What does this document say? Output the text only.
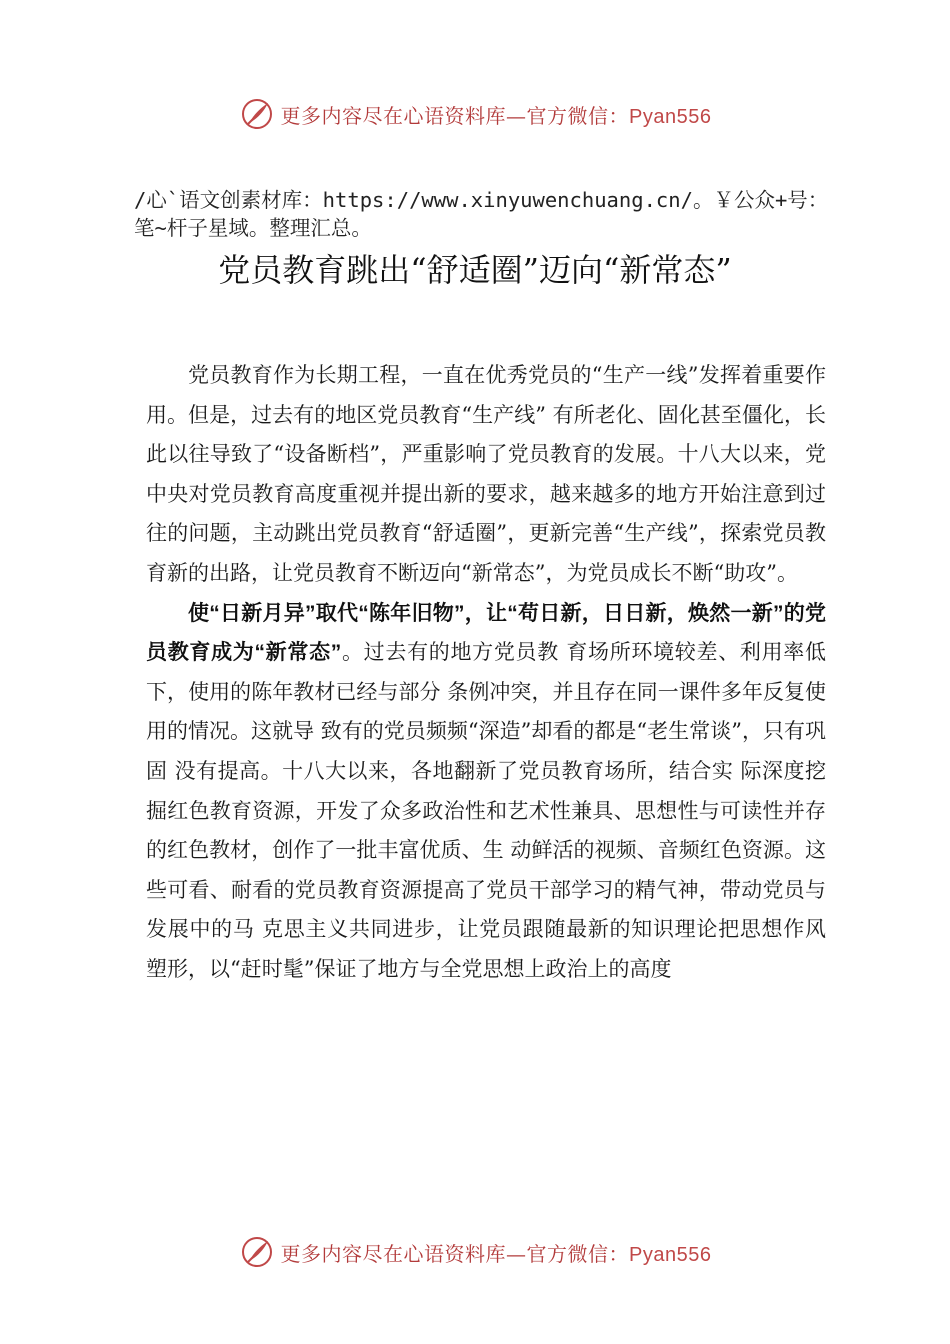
更多内容尽在心语资料库—官方微信：Pyan556

/心`语文创素材库：https://www.xinyuwenchuang.cn/。￥公众+号：笔~杆子星域。整理汇总。

党员教育跳出“舒适圈”迈向“新常态”

党员教育作为长期工程，一直在优秀党员的“生产一线”发挥着重要作用。但是，过去有的地区党员教育“生产线” 有所老化、固化甚至僵化，长此以往导致了“设备断档”，严重影响了党员教育的发展。十八大以来，党中央对党员教育高度重视并提出新的要求，越来越多的地方开始注意到过往的问题，主动跳出党员教育“舒适圈”，更新完善“生产线”，探索党员教育新的出路，让党员教育不断迈向“新常态”，为党员成长不断“助攻”。

使“日新月异”取代“陈年旧物”，让“苟日新，日日新，焕然一新”的党员教育成为“新常态”。过去有的地方党员教 育场所环境较差、利用率低下，使用的陈年教材已经与部分 条例冲突，并且存在同一课件多年反复使用的情况。这就导 致有的党员频频“深造”却看的都是“老生常谈”，只有巩固 没有提高。十八大以来，各地翻新了党员教育场所，结合实 际深度挖掘红色教育资源，开发了众多政治性和艺术性兼具、思想性与可读性并存的红色教材，创作了一批丰富优质、生 动鲜活的视频、音频红色资源。这些可看、耐看的党员教育资源提高了党员干部学习的精气神，带动党员与发展中的马 克思主义共同进步，让党员跟随最新的知识理论把思想作风 塑形，以“赶时髦”保证了地方与全党思想上政治上的高度

更多内容尽在心语资料库—官方微信：Pyan556
